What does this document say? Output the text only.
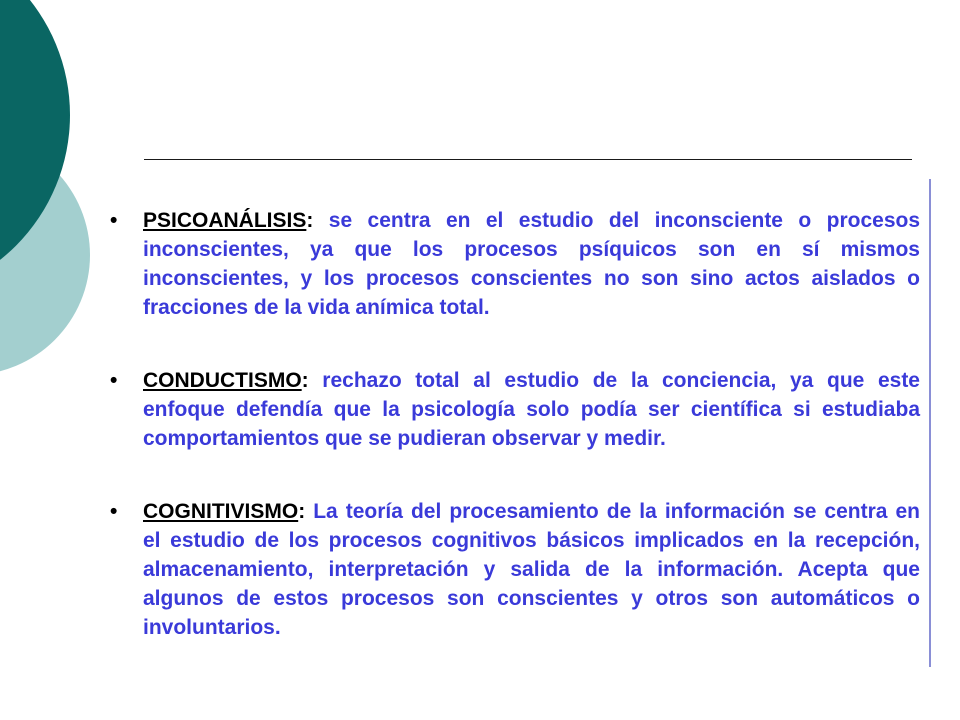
• PSICOANÁLISIS: se centra en el estudio del inconsciente o procesos inconscientes, ya que los procesos psíquicos son en sí mismos inconscientes, y los procesos conscientes no son sino actos aislados o fracciones de la vida anímica total.
• CONDUCTISMO: rechazo total al estudio de la conciencia, ya que este enfoque defendía que la psicología solo podía ser científica si estudiaba comportamientos que se pudieran observar y medir.
• COGNITIVISMO: La teoría del procesamiento de la información se centra en el estudio de los procesos cognitivos básicos implicados en la recepción, almacenamiento, interpretación y salida de la información. Acepta que algunos de estos procesos son conscientes y otros son automáticos o involuntarios.
